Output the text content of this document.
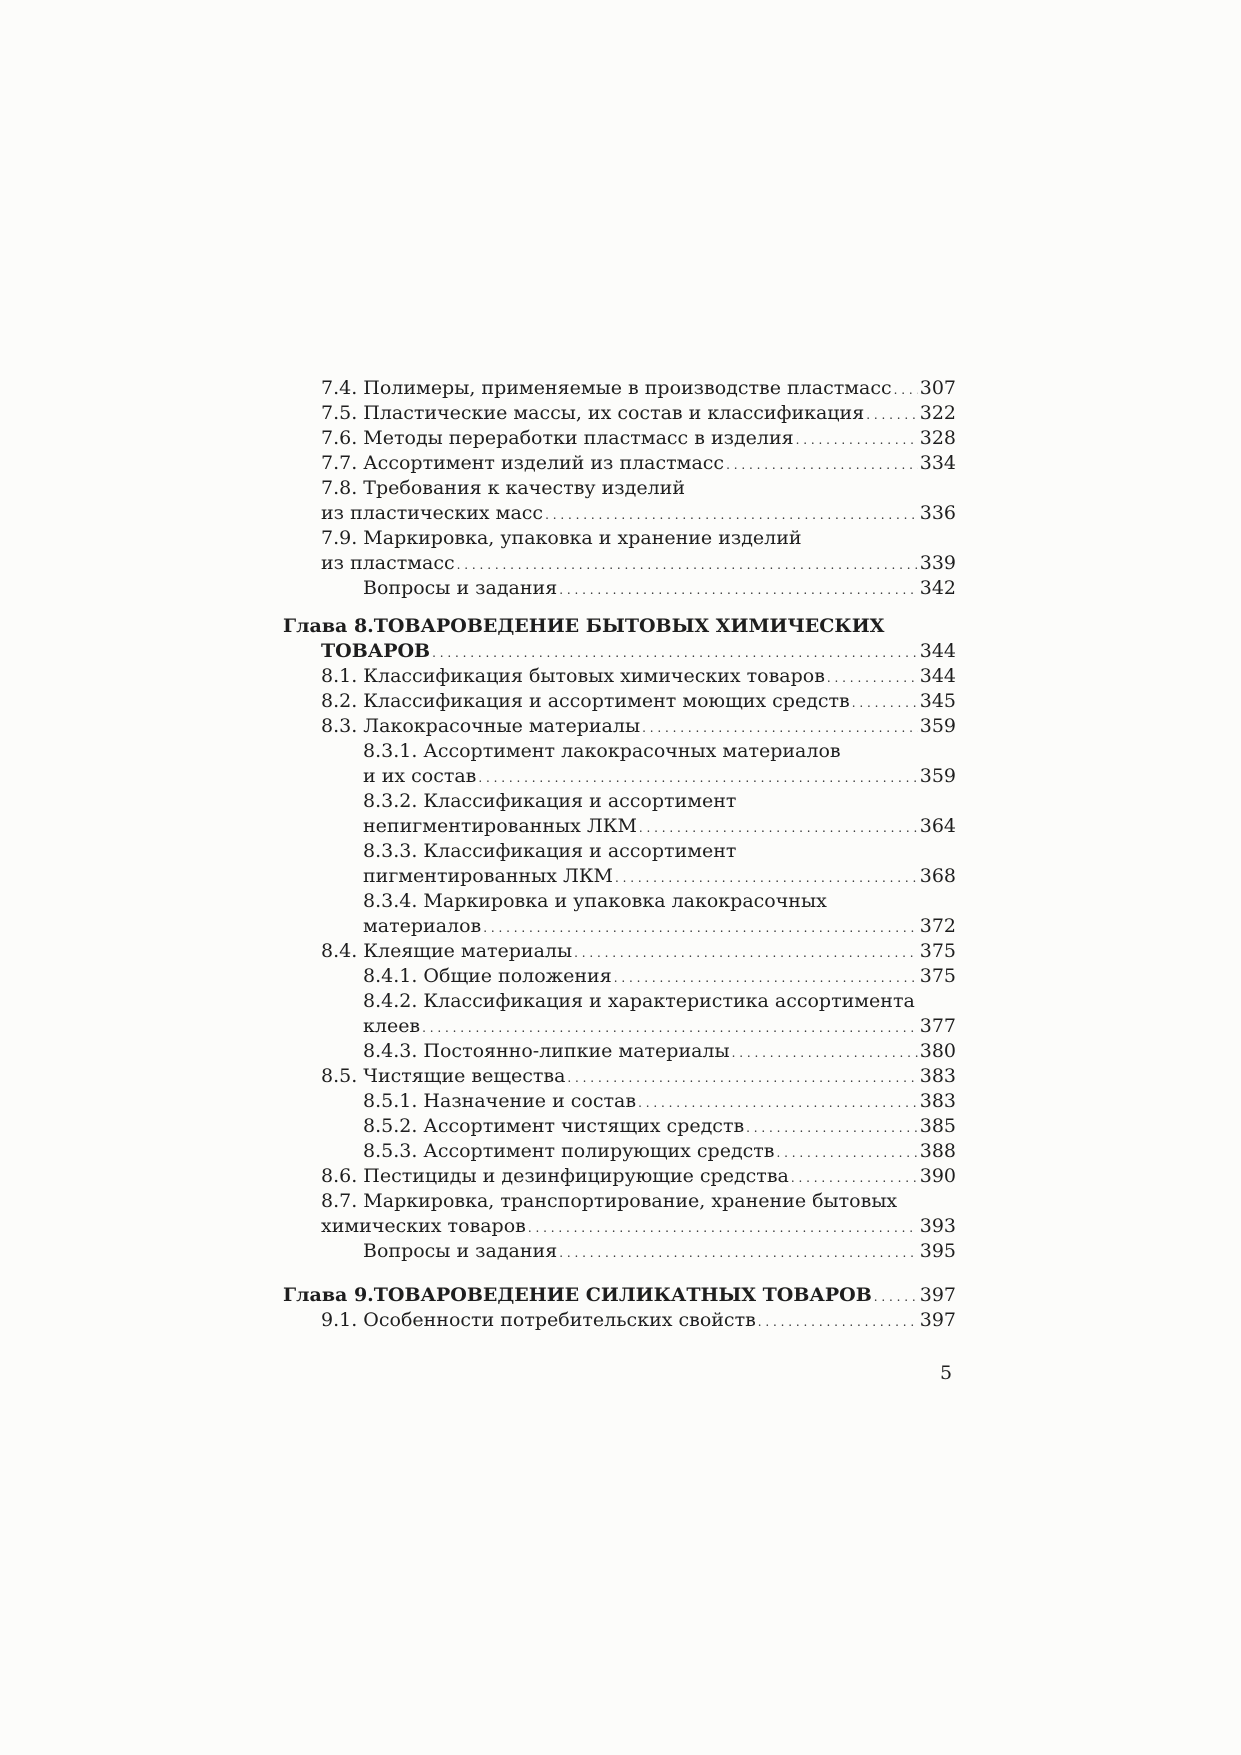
7.4. Полимеры, применяемые в производстве пластмасс . . . 307
7.5. Пластические массы, их состав и классификация . . .	322
7.6. Методы переработки пластмасс в изделия . . .	328
7.7. Ассортимент изделий из пластмасс . . .	334
7.8. Требования к качеству изделий
из пластических масс . . .	336
7.9. Маркировка, упаковка и хранение изделий
из пластмасс . . .	339
Вопросы и задания . . .	342
Глава 8. ТОВАРОВЕДЕНИЕ БЫТОВЫХ ХИМИЧЕСКИХ
ТОВАРОВ . . .	344
8.1. Классификация бытовых химических товаров . . .	344
8.2. Классификация и ассортимент моющих средств . . .	345
8.3. Лакокрасочные материалы . . .	359
8.3.1. Ассортимент лакокрасочных материалов
и их состав . . .	359
8.3.2. Классификация и ассортимент
непигментированных ЛКМ . . .	364
8.3.3. Классификация и ассортимент
пигментированных ЛКМ . . .	368
8.3.4. Маркировка и упаковка лакокрасочных
материалов . . .	372
8.4. Клеящие материалы . . .	375
8.4.1. Общие положения . . .	375
8.4.2. Классификация и характеристика ассортимента
клеев . . .	377
8.4.3. Постоянно-липкие материалы . . .	380
8.5. Чистящие вещества . . .	383
8.5.1. Назначение и состав . . .	383
8.5.2. Ассортимент чистящих средств . . .	385
8.5.3. Ассортимент полирующих средств . . .	388
8.6. Пестициды и дезинфицирующие средства . . .	390
8.7. Маркировка, транспортирование, хранение бытовых
химических товаров . . .	393
Вопросы и задания . . .	395
Глава 9. ТОВАРОВЕДЕНИЕ СИЛИКАТНЫХ ТОВАРОВ . . .	397
9.1. Особенности потребительских свойств . . .	397
5
